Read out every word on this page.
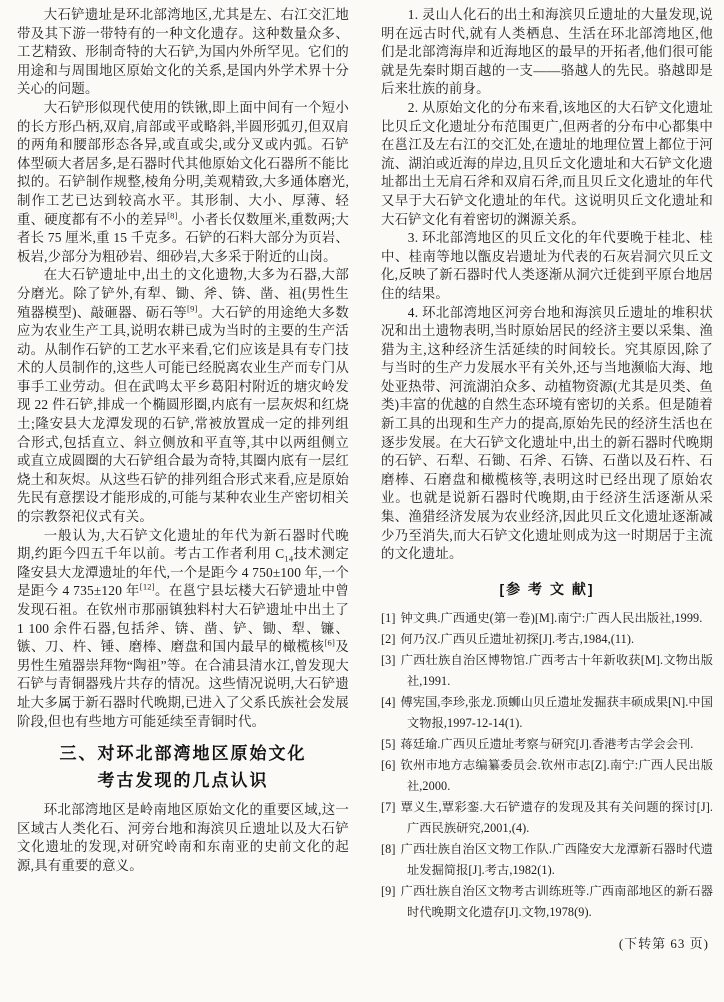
大石铲遗址是环北部湾地区,尤其是左、右江交汇地带及其下游一带特有的一种文化遗存。这种数量众多、工艺精致、形制奇特的大石铲,为国内外所罕见。它们的用途和与周围地区原始文化的关系,是国内外学术界十分关心的问题。

大石铲形似现代使用的铁锹,即上面中间有一个短小的长方形凸柄,双肩,肩部或平或略斜,半圆形弧刃,但双肩的两角和腰部形态各异,或直或尖,或分叉或内弧。石铲体型硕大者居多,是石器时代其他原始文化石器所不能比拟的。石铲制作规整,棱角分明,美观精致,大多通体磨光,制作工艺已达到较高水平。其形制、大小、厚薄、轻重、硬度都有不小的差异[8]。小者长仅数厘米,重数两;大者长 75 厘米,重 15 千克多。石铲的石料大部分为页岩、板岩,少部分为粗砂岩、细砂岩,大多采于附近的山岗。

在大石铲遗址中,出土的文化遗物,大多为石器,大部分磨光。除了铲外,有犁、锄、斧、锛、凿、祖(男性生殖器模型)、敲砸器、砺石等[9]。大石铲的用途绝大多数应为农业生产工具,说明农耕已成为当时的主要的生产活动。从制作石铲的工艺水平来看,它们应该是具有专门技术的人员制作的,这些人可能已经脱离农业生产而专门从事手工业劳动。但在武鸣太平乡葛阳村附近的塘灾岭发现 22 件石铲,排成一个椭圆形圈,内底有一层灰烬和红烧土;隆安县大龙潭发现的石铲,常被放置成一定的排列组合形式,包括直立、斜立侧放和平直等,其中以两组侧立或直立成圆圈的大石铲组合最为奇特,其圈内底有一层红烧土和灰烬。从这些石铲的排列组合形式来看,应是原始先民有意摆设才能形成的,可能与某种农业生产密切相关的宗教祭祀仪式有关。

一般认为,大石铲文化遗址的年代为新石器时代晚期,约距今四五千年以前。考古工作者利用 $C_{14}$技术测定隆安县大龙潭遗址的年代,一个是距今 4 750±100 年,一个是距今 4 735±120 年[12]。在邕宁县坛楼大石铲遗址中曾发现石祖。在钦州市那丽镇独料村大石铲遗址中出土了 1 100 余件石器,包括斧、锛、凿、铲、锄、犁、镰、镞、刀、杵、锤、磨棒、磨盘和国内最早的橄榄核[6]及男性生殖器崇拜物“陶祖”等。在合浦县清水江,曾发现大石铲与青铜器残片共存的情况。这些情况说明,大石铲遗址大多属于新石器时代晚期,已进入了父系氏族社会发展阶段,但也有些地方可能延续至青铜时代。

三、对环北部湾地区原始文化
考古发现的几点认识

环北部湾地区是岭南地区原始文化的重要区域,这一区域古人类化石、河旁台地和海滨贝丘遗址以及大石铲文化遗址的发现,对研究岭南和东南亚的史前文化的起源,具有重要的意义。

1. 灵山人化石的出土和海滨贝丘遗址的大量发现,说明在远古时代,就有人类栖息、生活在环北部湾地区,他们是北部湾海岸和近海地区的最早的开拓者,他们很可能就是先秦时期百越的一支——骆越人的先民。骆越即是后来壮族的前身。

2. 从原始文化的分布来看,该地区的大石铲文化遗址比贝丘文化遗址分布范围更广,但两者的分布中心都集中在邕江及左右江的交汇处,在遗址的地理位置上都位于河流、湖泊或近海的岸边,且贝丘文化遗址和大石铲文化遗址都出土无肩石斧和双肩石斧,而且贝丘文化遗址的年代又早于大石铲文化遗址的年代。这说明贝丘文化遗址和大石铲文化有着密切的渊源关系。

3. 环北部湾地区的贝丘文化的年代要晚于桂北、桂中、桂南等地以甑皮岩遗址为代表的石灰岩洞穴贝丘文化,反映了新石器时代人类逐渐从洞穴迁徙到平原台地居住的结果。

4. 环北部湾地区河旁台地和海滨贝丘遗址的堆积状况和出土遗物表明,当时原始居民的经济主要以采集、渔猎为主,这种经济生活延续的时间较长。究其原因,除了与当时的生产力发展水平有关外,还与当地濒临大海、地处亚热带、河流湖泊众多、动植物资源(尤其是贝类、鱼类)丰富的优越的自然生态环境有密切的关系。但是随着新工具的出现和生产力的提高,原始先民的经济生活也在逐步发展。在大石铲文化遗址中,出土的新石器时代晚期的石铲、石犁、石锄、石斧、石锛、石凿以及石杵、石磨棒、石磨盘和橄榄核等,表明这时已经出现了原始农业。也就是说新石器时代晚期,由于经济生活逐渐从采集、渔猎经济发展为农业经济,因此贝丘文化遗址逐渐减少乃至消失,而大石铲文化遗址则成为这一时期居于主流的文化遗址。

[参 考 文 献]

[1] 钟文典.广西通史(第一卷)[M].南宁:广西人民出版社,1999.

[2] 何乃汉.广西贝丘遗址初探[J].考古,1984,(11).

[3] 广西壮族自治区博物馆.广西考古十年新收获[M].文物出版社,1991.

[4] 傅宪国,李珍,张龙.顶蛳山贝丘遗址发掘获丰硕成果[N].中国文物报,1997-12-14(1).

[5] 蒋廷瑜.广西贝丘遗址考察与研究[J].香港考古学会会刊.

[6] 钦州市地方志编纂委员会.钦州市志[Z].南宁:广西人民出版社,2000.

[7] 覃义生,覃彩銮.大石铲遗存的发现及其有关问题的探讨[J].广西民族研究,2001,(4).

[8] 广西壮族自治区文物工作队.广西隆安大龙潭新石器时代遗址发掘简报[J].考古,1982(1).

[9] 广西壮族自治区文物考古训练班等.广西南部地区的新石器时代晚期文化遗存[J].文物,1978(9).

(下转第 63 页)
